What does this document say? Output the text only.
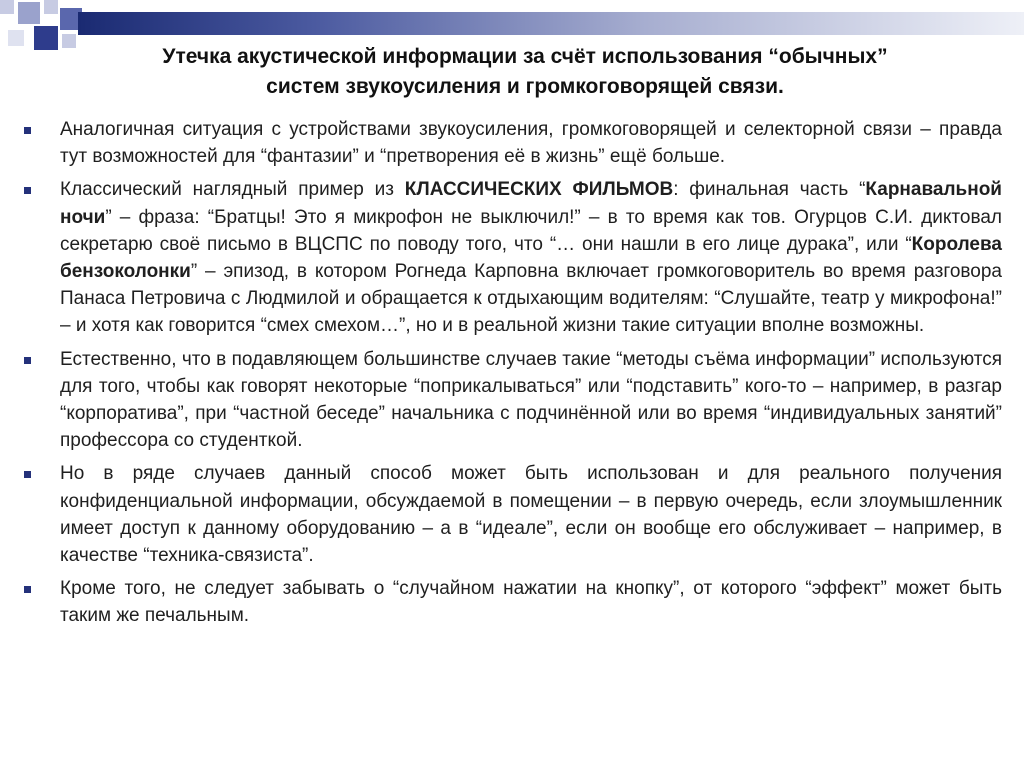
Утечка акустической информации за счёт использования “обычных”
систем звукоусиления и громкоговорящей связи.
Аналогичная ситуация с устройствами звукоусиления, громкоговорящей и селекторной связи – правда тут возможностей для “фантазии” и “претворения её в жизнь” ещё больше.
Классический наглядный пример из КЛАССИЧЕСКИХ ФИЛЬМОВ: финальная часть “Карнавальной ночи” – фраза: “Братцы! Это я микрофон не выключил!” – в то время как тов. Огурцов С.И. диктовал секретарю своё письмо в ВЦСПС по поводу того, что “… они нашли в его лице дурака”, или “Королева бензоколонки” – эпизод, в котором Рогнеда Карповна включает громкоговоритель во время разговора Панаса Петровича с Людмилой и обращается к отдыхающим водителям: “Слушайте, театр у микрофона!” – и хотя как говорится “смех смехом…”, но и в реальной жизни такие ситуации вполне возможны.
Естественно, что в подавляющем большинстве случаев такие “методы съёма информации” используются для того, чтобы как говорят некоторые “поприкалываться” или “подставить” кого-то – например, в разгар “корпоратива”, при “частной беседе” начальника с подчинённой или во время “индивидуальных занятий” профессора со студенткой.
Но в ряде случаев данный способ может быть использован и для реального получения конфиденциальной информации, обсуждаемой в помещении – в первую очередь, если злоумышленник имеет доступ к данному оборудованию – а в “идеале”, если он вообще его обслуживает – например, в качестве “техника-связиста”.
Кроме того, не следует забывать о “случайном нажатии на кнопку”, от которого “эффект” может быть таким же печальным.
